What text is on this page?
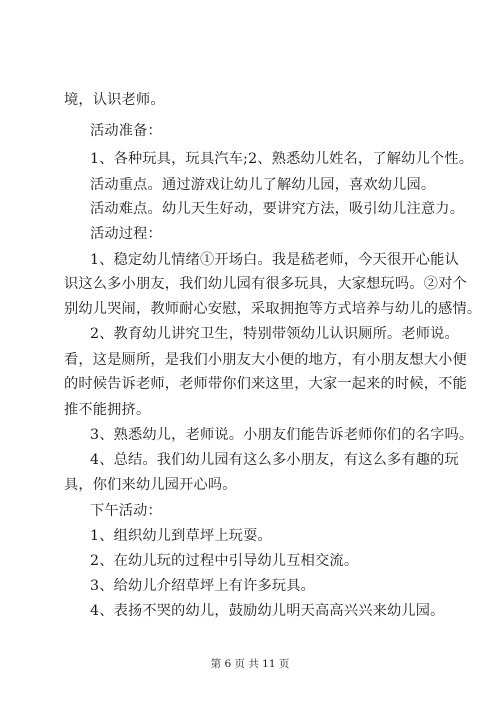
境，认识老师。
活动准备：
1、各种玩具，玩具汽车;2、熟悉幼儿姓名，了解幼儿个性。
活动重点。通过游戏让幼儿了解幼儿园，喜欢幼儿园。
活动难点。幼儿天生好动，要讲究方法，吸引幼儿注意力。
活动过程：
1、稳定幼儿情绪①开场白。我是嵇老师，今天很开心能认
识这么多小朋友，我们幼儿园有很多玩具，大家想玩吗。②对个
别幼儿哭闹，教师耐心安慰，采取拥抱等方式培养与幼儿的感情。
2、教育幼儿讲究卫生，特别带领幼儿认识厕所。老师说。
看，这是厕所，是我们小朋友大小便的地方，有小朋友想大小便
的时候告诉老师，老师带你们来这里，大家一起来的时候，不能
推不能拥挤。
3、熟悉幼儿，老师说。小朋友们能告诉老师你们的名字吗。
4、总结。我们幼儿园有这么多小朋友，有这么多有趣的玩
具，你们来幼儿园开心吗。
下午活动：
1、组织幼儿到草坪上玩耍。
2、在幼儿玩的过程中引导幼儿互相交流。
3、给幼儿介绍草坪上有许多玩具。
4、表扬不哭的幼儿，鼓励幼儿明天高高兴兴来幼儿园。
第 6 页 共 11 页
